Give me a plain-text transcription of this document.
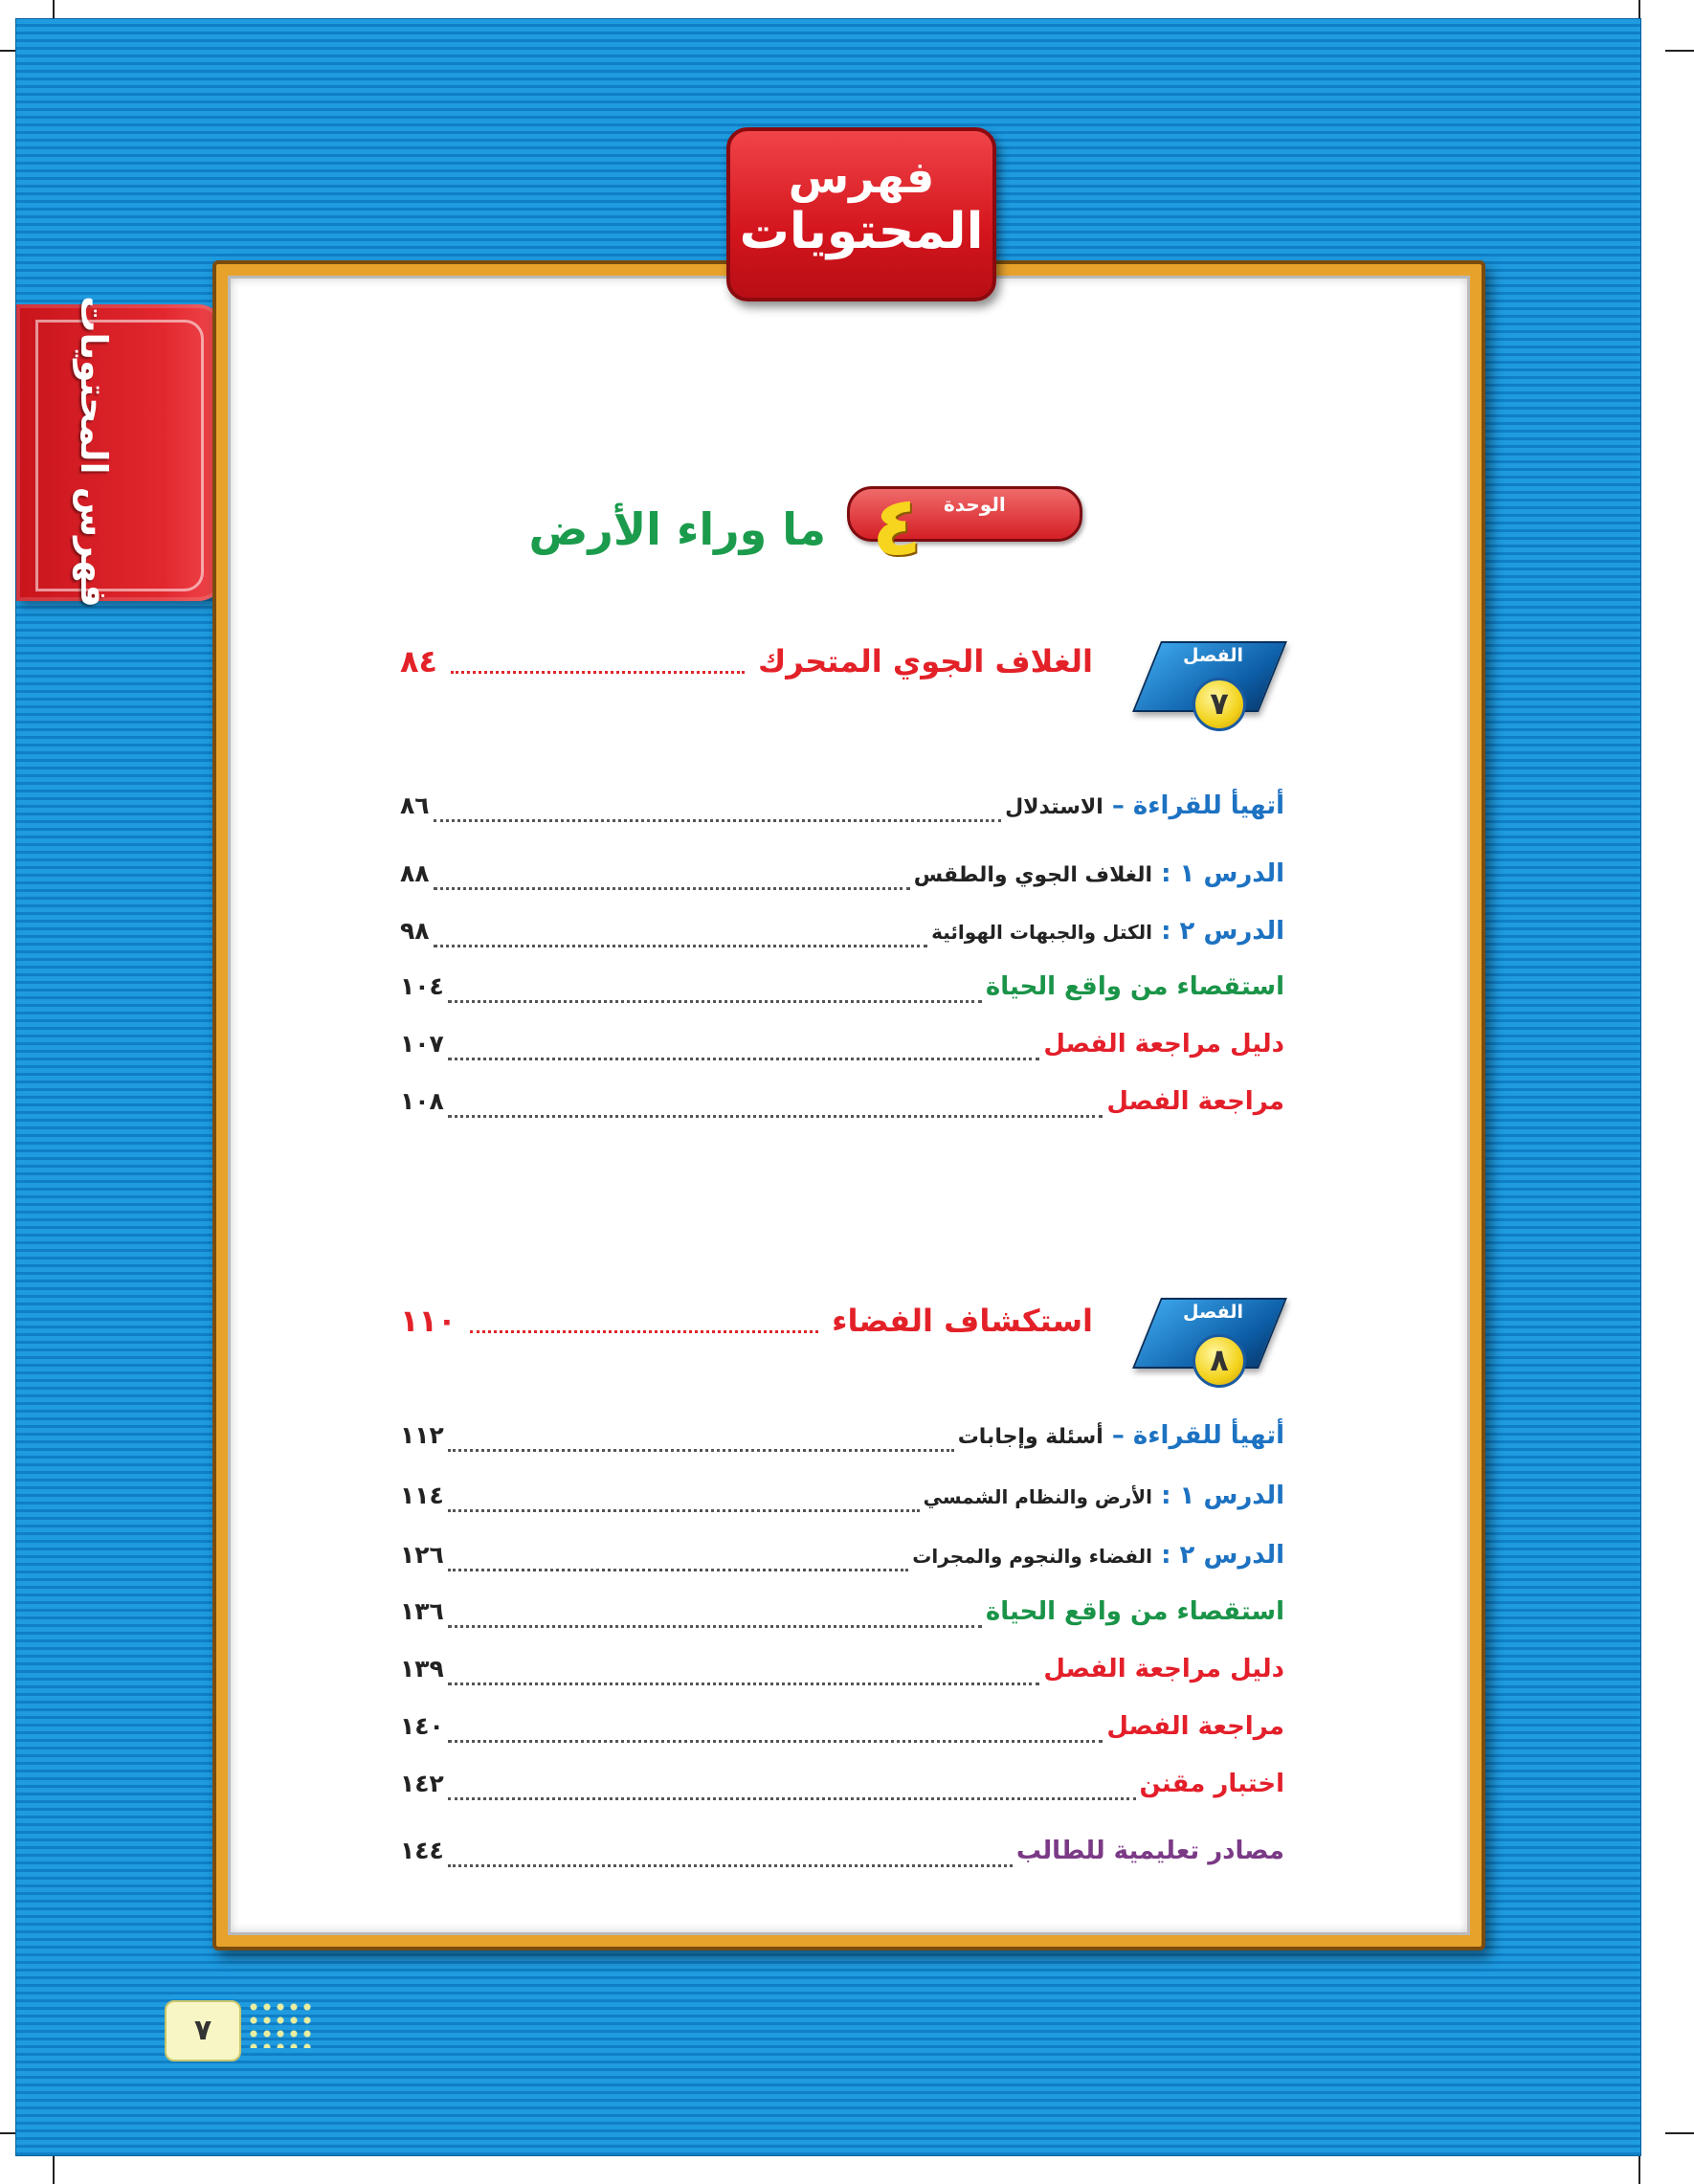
فهرس المحتويات
فهرس
المحتويات
الوحدة
٤
ما وراء الأرض
الفصل
٧
الغلاف الجوي المتحرك
٨٤
أتهيأ للقراءة – الاستدلال
٨٦
الدرس ١ : الغلاف الجوي والطقس
٨٨
الدرس ٢ : الكتل والجبهات الهوائية
٩٨
استقصاء من واقع الحياة
١٠٤
دليل مراجعة الفصل
١٠٧
مراجعة الفصل
١٠٨
الفصل
٨
استكشاف الفضاء
١١٠
أتهيأ للقراءة – أسئلة وإجابات
١١٢
الدرس ١ : الأرض والنظام الشمسي
١١٤
الدرس ٢ : الفضاء والنجوم والمجرات
١٢٦
استقصاء من واقع الحياة
١٣٦
دليل مراجعة الفصل
١٣٩
مراجعة الفصل
١٤٠
اختبار مقنن
١٤٢
مصادر تعليمية للطالب
١٤٤
٧
